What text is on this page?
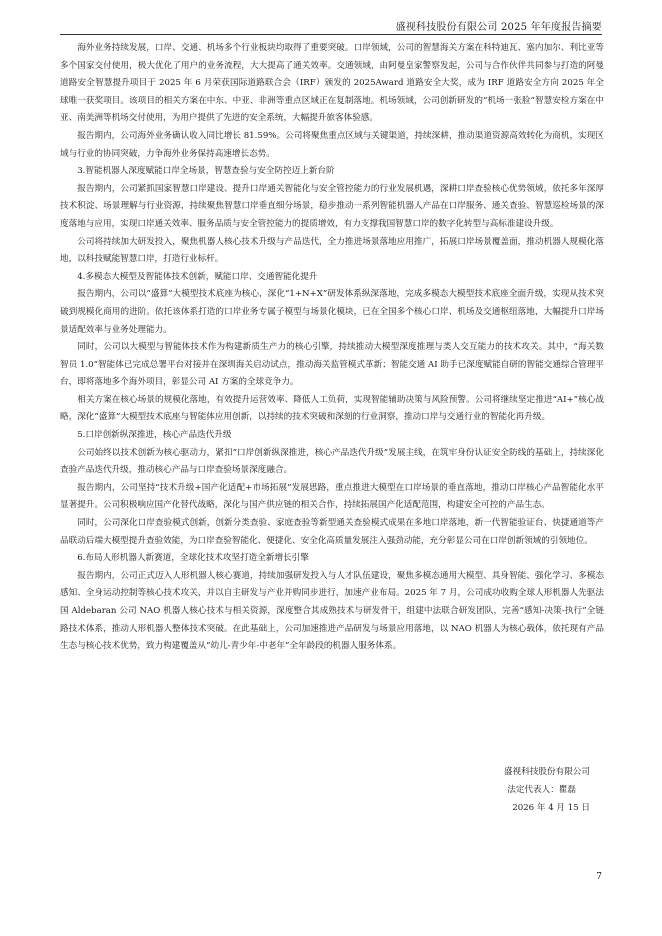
盛视科技股份有限公司 2025 年年度报告摘要

海外业务持续发展，口岸、交通、机场多个行业板块均取得了重要突破。口岸领域，公司的智慧海关方案在科特迪瓦、塞内加尔、利比亚等多个国家交付使用，极大优化了用户的业务流程，大大提高了通关效率。交通领域，由阿曼皇家警察发起，公司与合作伙伴共同参与打造的阿曼道路安全智慧提升项目于 2025 年 6 月荣获国际道路联合会（IRF）颁发的 2025Award 道路安全大奖，成为 IRF 道路安全方向 2025 年全球唯一获奖项目。该项目的相关方案在中东、中亚、非洲等重点区域正在复制落地。机场领域，公司创新研发的“机场一张脸”智慧安检方案在中亚、南美洲等机场交付使用，为用户提供了先进的安全系统，大幅提升旅客体验感。

报告期内，公司海外业务确认收入同比增长 81.59%。公司将聚焦重点区域与关键渠道，持续深耕，推动渠道资源高效转化为商机，实现区域与行业的协同突破，力争海外业务保持高速增长态势。

3.智能机器人深度赋能口岸全场景，智慧查验与安全防控迈上新台阶

报告期内，公司紧抓国家智慧口岸建设、提升口岸通关智能化与安全管控能力的行业发展机遇，深耕口岸查验核心优势领域，依托多年深厚技术积淀、场景理解与行业资源，持续聚焦智慧口岸垂直细分场景，稳步推动一系列智能机器人产品在口岸服务、通关查验、智慧巡检场景的深度落地与应用，实现口岸通关效率、服务品质与安全管控能力的提质增效，有力支撑我国智慧口岸的数字化转型与高标准建设升级。

公司将持续加大研发投入，聚焦机器人核心技术升级与产品迭代，全力推进场景落地应用推广，拓展口岸场景覆盖面，推动机器人规模化落地，以科技赋能智慧口岸，打造行业标杆。

4.多模态大模型及智能体技术创新，赋能口岸、交通智能化提升

报告期内，公司以“盛算”大模型技术底座为核心，深化“1+N+X”研发体系纵深落地，完成多模态大模型技术底座全面升级，实现从技术突破到规模化商用的进阶。依托该体系打造的口岸业务专属子模型与场景化模块，已在全国多个核心口岸、机场及交通枢纽落地，大幅提升口岸场景适配效率与业务处理能力。

同时，公司以大模型与智能体技术作为构建新质生产力的核心引擎，持续推动大模型深度推理与类人交互能力的技术攻关。其中，“海关数智员 1.0”智能体已完成总署平台对接并在深圳海关启动试点，推动海关监管模式革新；智能交通 AI 助手已深度赋能自研的智能交通综合管理平台，即将落地多个海外项目，彰显公司 AI 方案的全球竞争力。

相关方案在核心场景的规模化落地，有效提升运营效率、降低人工负荷，实现智能辅助决策与风险预警。公司将继续坚定推进“AI+”核心战略，深化“盛算”大模型技术底座与智能体应用创新，以持续的技术突破和深刻的行业洞察，推动口岸与交通行业的智能化再升级。

5.口岸创新纵深推进，核心产品迭代升级

公司始终以技术创新为核心驱动力，紧扣“口岸创新纵深推进，核心产品迭代升级”发展主线，在筑牢身份认证安全防线的基础上，持续深化查验产品迭代升级，推动核心产品与口岸查验场景深度融合。

报告期内，公司坚持“技术升级+国产化适配+市场拓展”发展思路，重点推进大模型在口岸场景的垂直落地，推动口岸核心产品智能化水平显著提升。公司积极响应国产化替代战略，深化与国产供应链的相关合作，持续拓展国产化适配范围，构建安全可控的产品生态。

同时，公司深化口岸查验模式创新，创新分类查验、家庭查验等新型通关查验模式成果在多地口岸落地，新一代智能验证台、快捷通道等产品联动后端大模型提升查验效能，为口岸查验智能化、便捷化、安全化高质量发展注入强劲动能，充分彰显公司在口岸创新领域的引领地位。

6.布局人形机器人新赛道，全球化技术攻坚打造全新增长引擎

报告期内，公司正式迈入人形机器人核心赛道，持续加强研发投入与人才队伍建设，聚焦多模态通用大模型、具身智能、强化学习、多模态感知、全身运动控制等核心技术攻关，并以自主研发与产业并购同步进行，加速产业布局。2025 年 7 月，公司成功收购全球人形机器人先驱法国 Aldebaran 公司 NAO 机器人核心技术与相关资源，深度整合其成熟技术与研发骨干，组建中法联合研发团队，完善“感知-决策-执行”全链路技术体系，推动人形机器人整体技术突破。在此基础上，公司加速推进产品研发与场景应用落地，以 NAO 机器人为核心载体，依托现有产品生态与核心技术优势，致力构建覆盖从“幼儿-青少年-中老年”全年龄段的机器人服务体系。

盛视科技股份有限公司
法定代表人：瞿磊
2026 年 4 月 15 日
7
